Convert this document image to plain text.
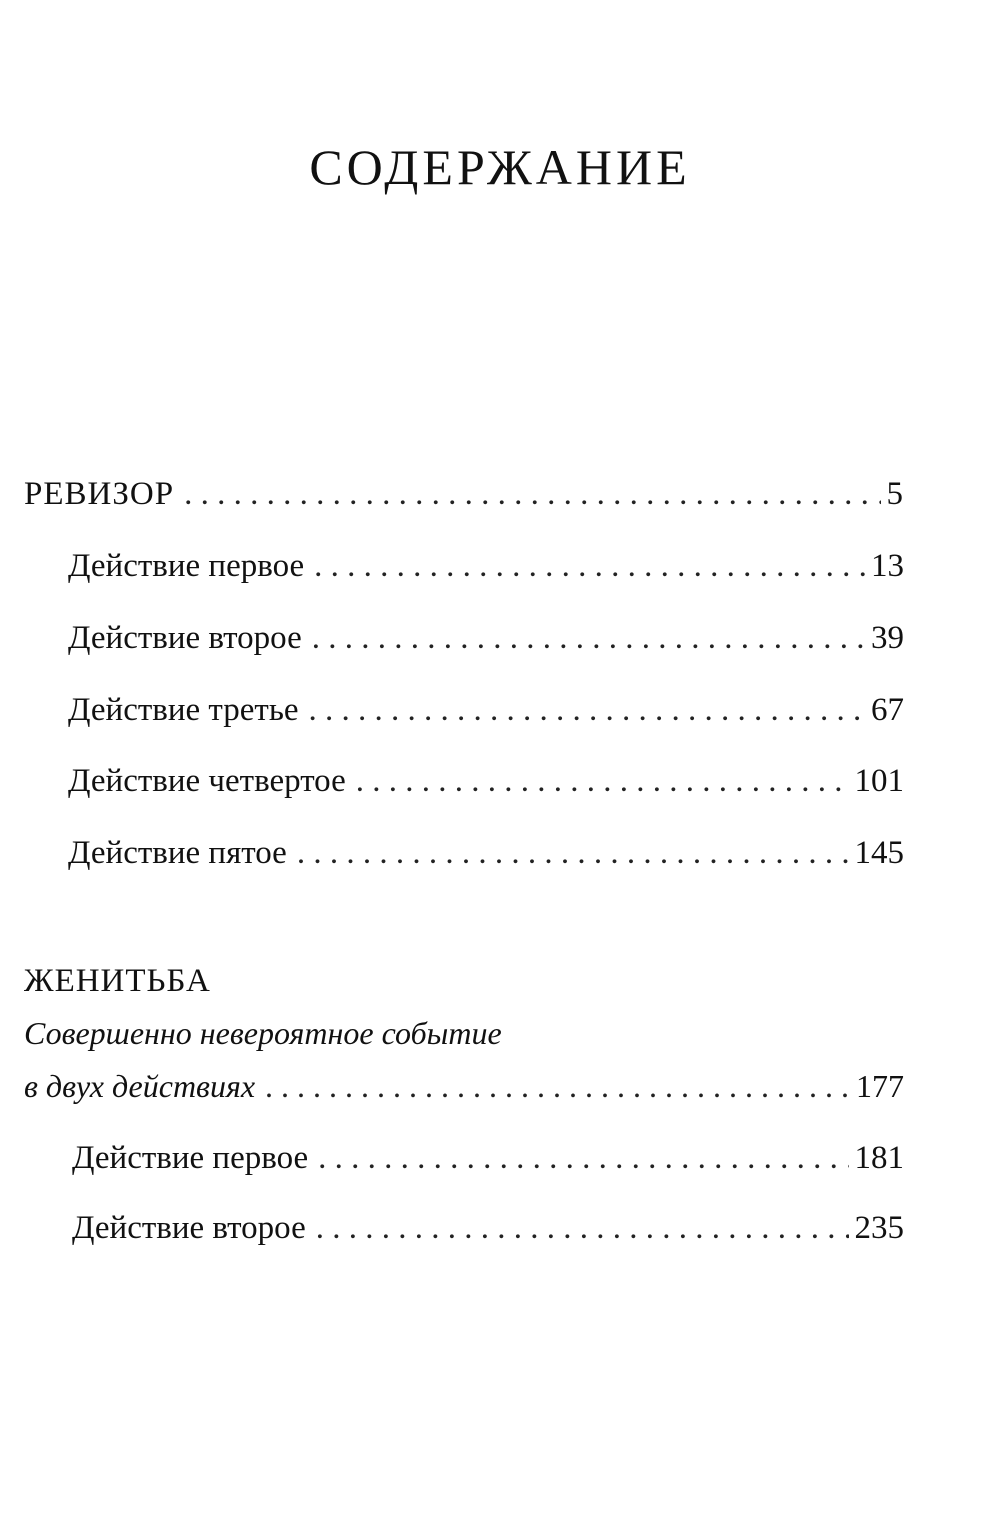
СОДЕРЖАНИЕ
РЕВИЗОР . . .	5
Действие первое . . .	13
Действие второе . . .	39
Действие третье . . .	67
Действие четвертое . . .	101
Действие пятое . . .	145
ЖЕНИТЬБА
Совершенно невероятное событие
в двух действиях . . .	177
Действие первое . . .	181
Действие второе . . .	235
